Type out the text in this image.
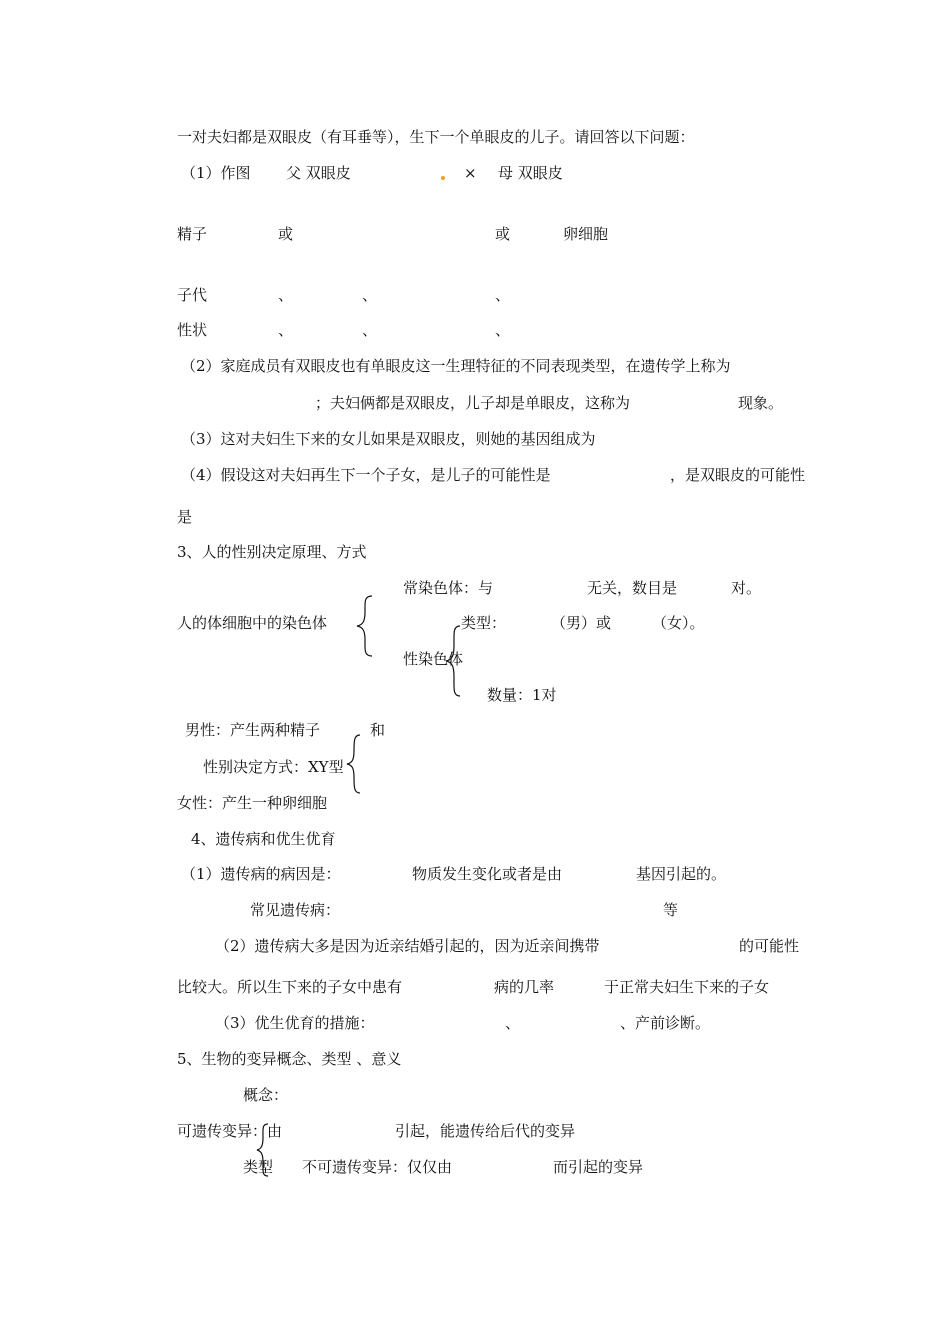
一对夫妇都是双眼皮（有耳垂等），生下一个单眼皮的儿子。请回答以下问题：
（1）作图 父 双眼皮	× 母 双眼皮
精子	或	或	卵细胞
子代	、	、	、
性状	、	、	、
（2）家庭成员有双眼皮也有单眼皮这一生理特征的不同表现类型，在遗传学上称为
；夫妇俩都是双眼皮，儿子却是单眼皮，这称为	现象。
（3）这对夫妇生下来的女儿如果是双眼皮，则她的基因组成为
（4）假设这对夫妇再生下一个子女，是儿子的可能性是	，是双眼皮的可能性
是
3、人的性别决定原理、方式
常染色体：与	无关，数目是	对。
人的体细胞中的染色体	类型：	（男）或	（女）。
性染色体
数量：1对
男性：产生两种精子	和
性别决定方式：XY型
女性：产生一种卵细胞
4、遗传病和优生优育
（1）遗传病的病因是：	物质发生变化或者是由	基因引起的。
常见遗传病：	等
（2）遗传病大多是因为近亲结婚引起的，因为近亲间携带	的可能性
比较大。所以生下来的子女中患有	病的几率	于正常夫妇生下来的子女
（3）优生优育的措施：	、	、产前诊断。
5、生物的变异概念、类型 、意义
概念：
可遗传变异：由	引起，能遗传给后代的变异
类型 不可遗传变异：仅仅由	而引起的变异
